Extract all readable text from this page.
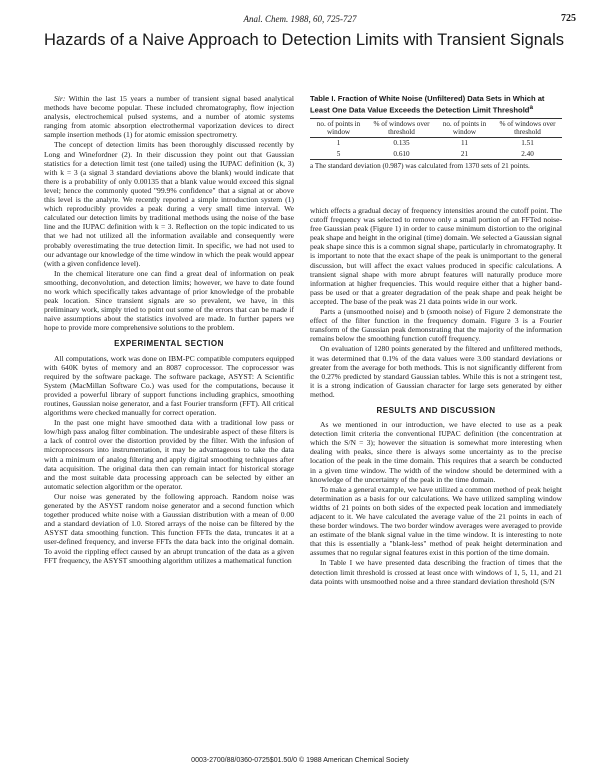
Anal. Chem. 1988, 60, 725-727	725
Hazards of a Naive Approach to Detection Limits with Transient Signals

Sir: Within the last 15 years a number of transient signal based analytical methods have become popular. These included chromatography, flow injection analysis, electrochemical pulsed systems, and a number of atomic systems ranging from atomic absorption electrothermal vaporization devices to direct sample insertion methods (1) for atomic emission spectrometry.

The concept of detection limits has been thoroughly discussed recently by Long and Winefordner (2). In their discussion they point out that Gaussian statistics for a detection limit test (one tailed) using the IUPAC definition (k, 3) with k = 3 (a signal 3 standard deviations above the blank) would indicate that there is a probability of only 0.00135 that a blank value would exceed this signal level; hence the commonly quoted "99.9% confidence" that a signal at or above this level is the analyte. We recently reported a simple introduction system (1) which reproducibly provides a peak during a very small time interval. We calculated our detection limits by traditional methods using the noise of the base line and the IUPAC definition with k = 3. Reflection on the topic indicated to us that we had not utilized all the information available and consequently were probably overestimating the true detection limit. In specific, we had not used to our advantage our knowledge of the time window in which the peak would appear (with a given confidence level).

In the chemical literature one can find a great deal of information on peak smoothing, deconvolution, and detection limits; however, we have to date found no work which specifically takes advantage of prior knowledge of the probable peak location. Since transient signals are so prevalent, we have, in this preliminary work, simply tried to point out some of the errors that can be made if naive assumptions about the statistics involved are made. In further papers we hope to provide more comprehensive solutions to the problem.

EXPERIMENTAL SECTION

All computations, work was done on IBM-PC compatible computers equipped with 640K bytes of memory and an 8087 coprocessor. The coprocessor was required by the software package. The software package, ASYST: A Scientific System (MacMillan Software Co.) was used for the computations, because it provided a powerful library of support functions including graphics, smoothing routines, Gaussian noise generator, and a fast Fourier transform (FFT). All critical algorithms were checked manually for correct operation.

In the past one might have smoothed data with a traditional low pass or low/high pass analog filter combination. The undesirable aspect of these filters is a lack of control over the distortion provided by the filter. With the infusion of microprocessors into instrumentation, it may be advantageous to take the data with a minimum of analog filtering and apply digital smoothing techniques after data acquisition. The original data then can remain intact for historical storage and the most suitable data processing approach can be selected by either an automatic selection algorithm or the operator.

Our noise was generated by the following approach. Random noise was generated by the ASYST random noise generator and a second function which together produced white noise with a Gaussian distribution with a mean of 0.00 and a standard deviation of 1.0. Stored arrays of the noise can be filtered by the ASYST data smoothing function. This function FFTs the data, truncates it at a user-defined frequency, and inverse FFTs the data back into the original domain. To avoid the rippling effect caused by an abrupt truncation of the data as a given FFT frequency, the ASYST smoothing algorithm utilizes a mathematical function

Table I. Fraction of White Noise (Unfiltered) Data Sets in Which at Least One Data Value Exceeds the Detection Limit Threshold$^a$
no. of points in window	% of windows over threshold	no. of points in window	% of windows over threshold
1	0.135	11	1.51
5	0.610	21	2.40
a The standard deviation (0.987) was calculated from 1370 sets of 21 points.

which effects a gradual decay of frequency intensities around the cutoff point. The cutoff frequency was selected to remove only a small portion of an FFTed noise-free Gaussian peak (Figure 1) in order to cause minimum distortion to the original peak shape and height in the original (time) domain. We selected a Gaussian signal peak shape since this is a common signal shape, particularly in chromatography. It is important to note that the exact shape of the peak is unimportant to the general discussion, but will affect the exact values produced in specific calculations. A transient signal shape with more abrupt features will naturally produce more information at higher frequencies. This would require either that a higher band-pass be used or that a greater degradation of the peak shape and peak height be accepted. The base of the peak was 21 data points wide in our work.

Parts a (unsmoothed noise) and b (smooth noise) of Figure 2 demonstrate the effect of the filter function in the frequency domain. Figure 3 is a Fourier transform of the Gaussian peak demonstrating that the majority of the information remains below the smoothing function cutoff frequency.

On evaluation of 1280 points generated by the filtered and unfiltered methods, it was determined that 0.1% of the data values were 3.00 standard deviations or greater from the average for both methods. This is not significantly different from the 0.27% predicted by standard Gaussian tables. While this is not a stringent test, it is a strong indication of Gaussian character for large sets generated by either method.

RESULTS AND DISCUSSION

As we mentioned in our introduction, we have elected to use as a peak detection limit criteria the conventional IUPAC definition (the concentration at which the S/N = 3); however the situation is somewhat more interesting when dealing with peaks, since there is always some uncertainty as to the precise location of the peak in the time domain. This requires that a search be conducted in a given time window. The width of the window should be determined with a knowledge of the uncertainty of the peak in the time domain.

To make a general example, we have utilized a common method of peak height determination as a basis for our calculations. We have utilized sampling window widths of 21 points on both sides of the expected peak location and immediately adjacent to it. We have calculated the average value of the 21 points in each of these border windows. The two border window averages were averaged to provide an estimate of the blank signal value in the time window. It is interesting to note that this is essentially a "blank-less" method of peak height determination and assumes that no regular signal features exist in this portion of the time domain.

In Table I we have presented data describing the fraction of times that the detection limit threshold is crossed at least once with windows of 1, 5, 11, and 21 data points with unsmoothed noise and a three standard deviation threshold (S/N

0003-2700/88/0360-0725$01.50/0 © 1988 American Chemical Society
